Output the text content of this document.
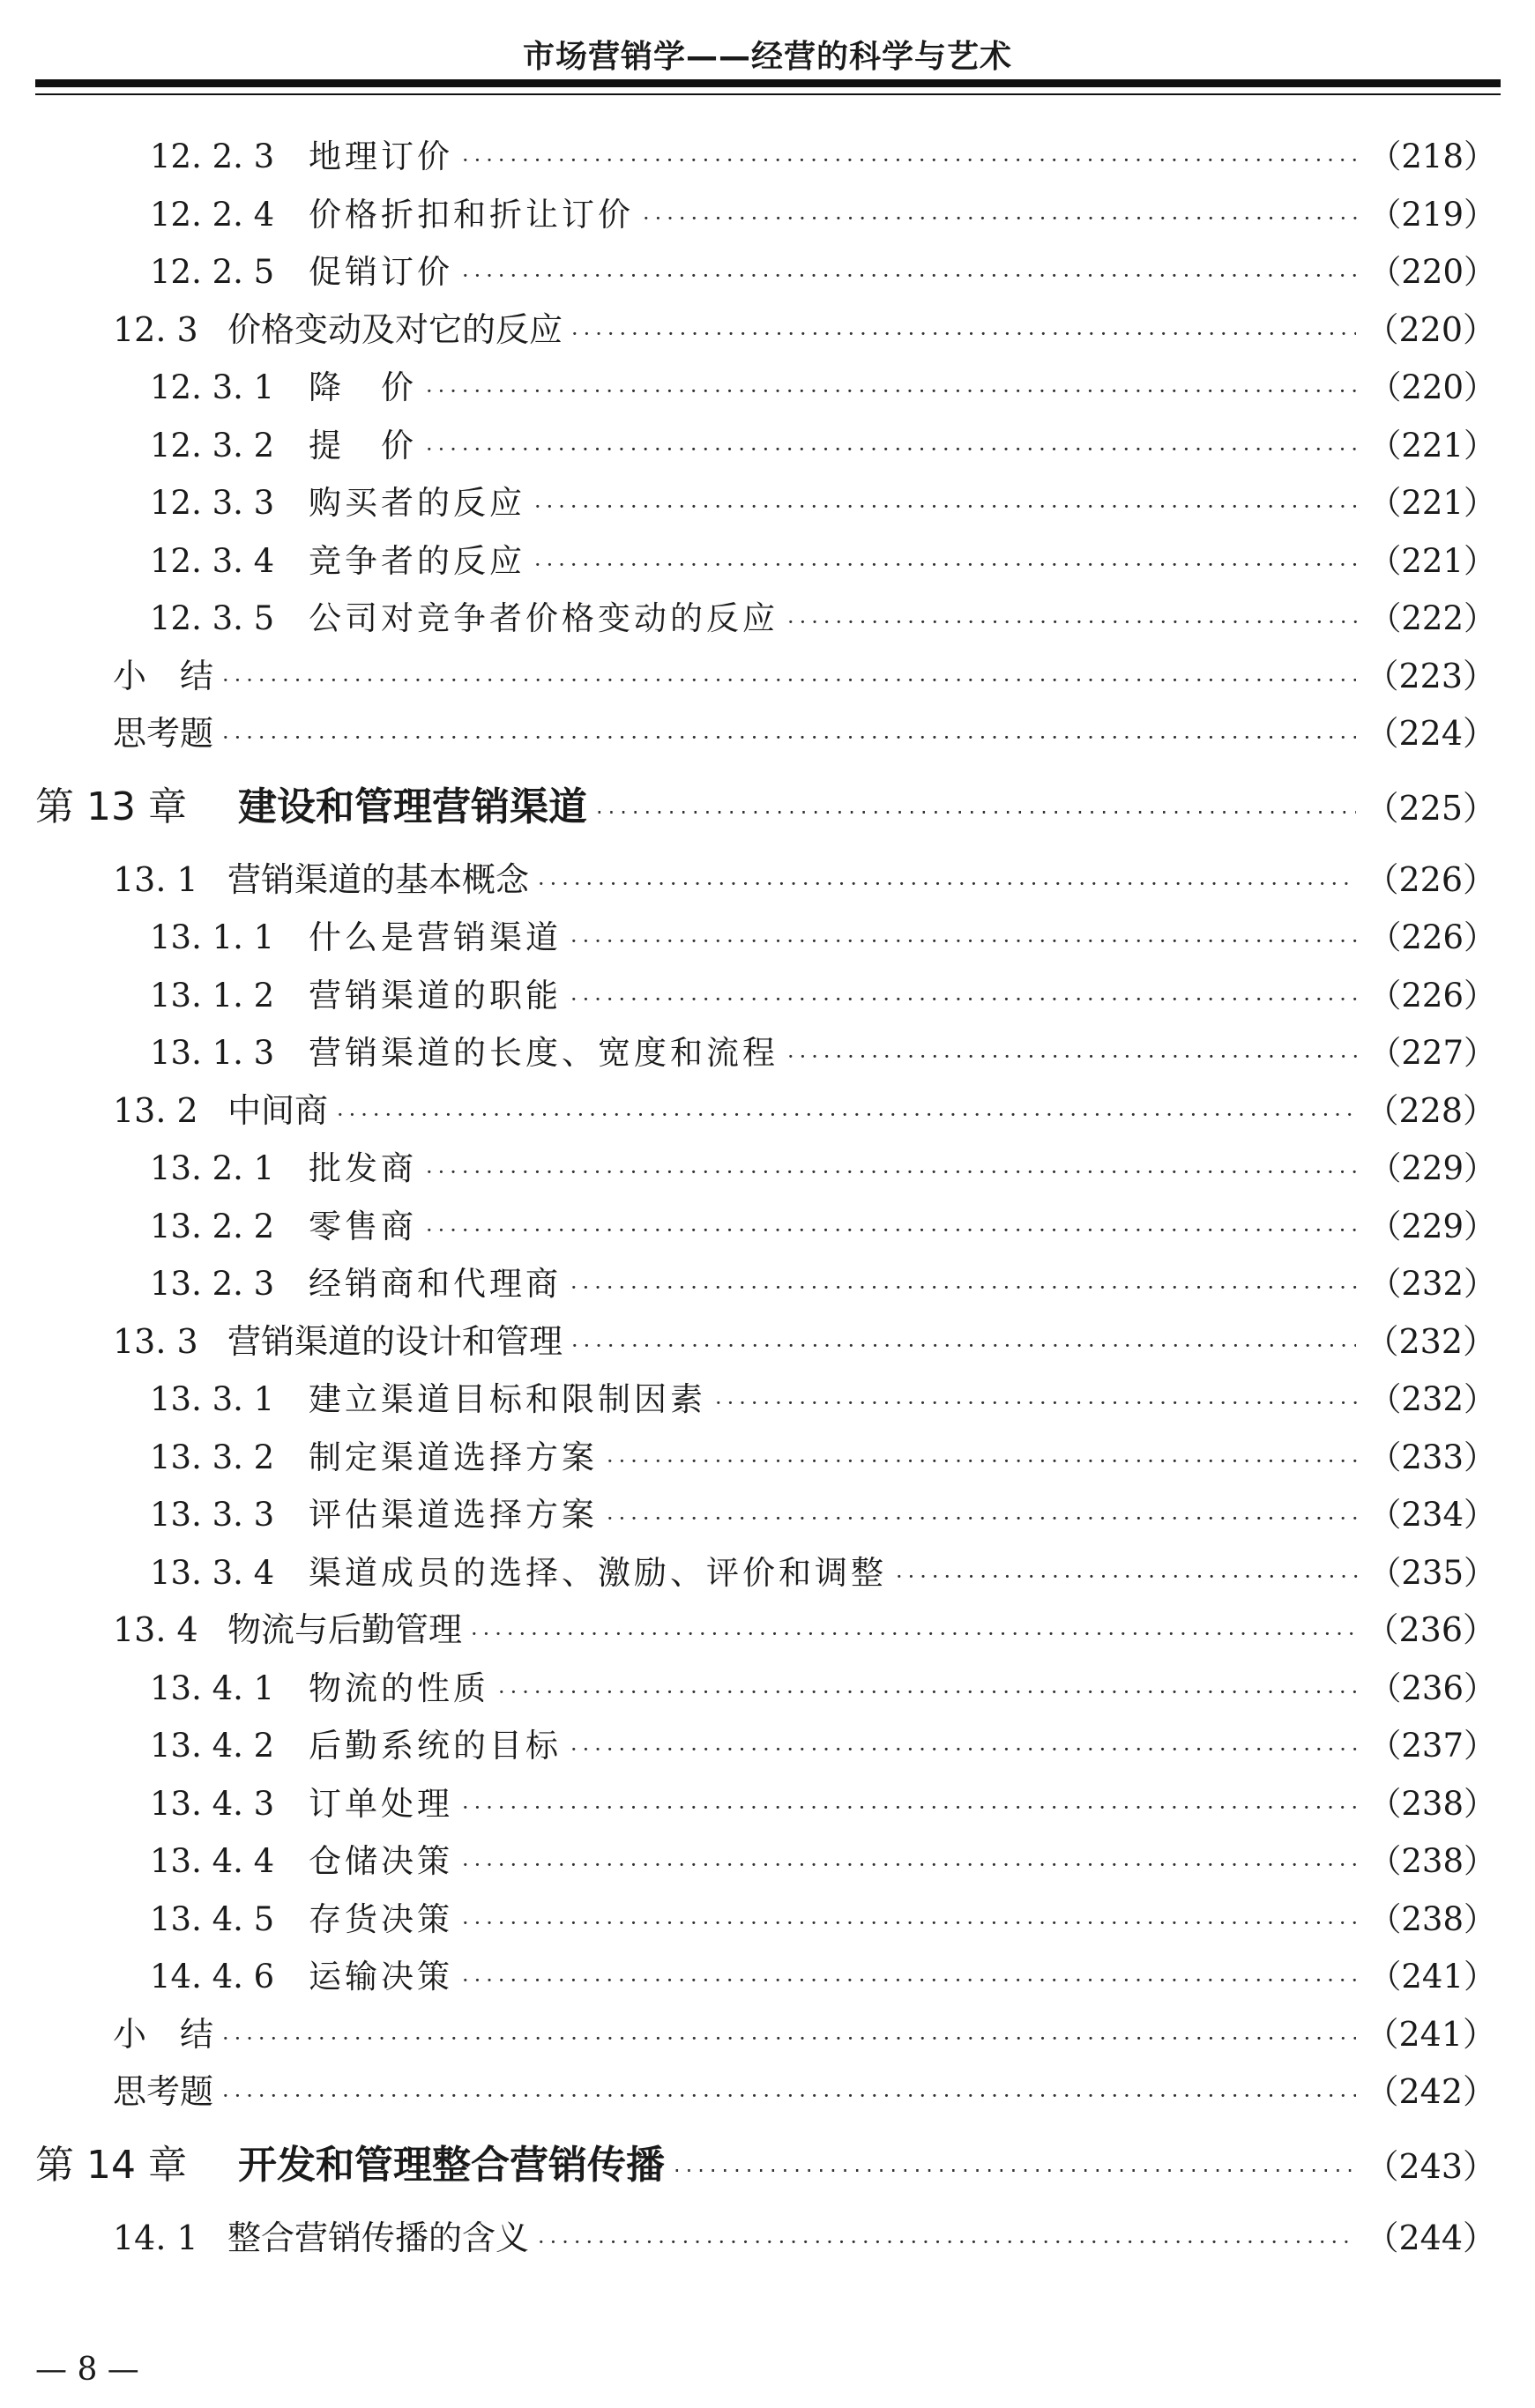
市场营销学——经营的科学与艺术
12. 2. 3	地理订价 ·····	（218）
12. 2. 4	价格折扣和折让订价 ·····	（219）
12. 2. 5	促销订价 ·····	（220）
12. 3 价格变动及对它的反应 ·····	（220）
12. 3. 1	降　价 ·····	（220）
12. 3. 2	提　价 ·····	（221）
12. 3. 3	购买者的反应 ·····	（221）
12. 3. 4	竞争者的反应 ·····	（221）
12. 3. 5	公司对竞争者价格变动的反应 ·····	（222）
小　结 ·····	（223）
思考题 ·····	（224）
第 13 章	建设和管理营销渠道 ·····	（225）
13. 1 营销渠道的基本概念 ·····	（226）
13. 1. 1	什么是营销渠道 ·····	（226）
13. 1. 2	营销渠道的职能 ·····	（226）
13. 1. 3	营销渠道的长度、宽度和流程 ·····	（227）
13. 2 中间商 ·····	（228）
13. 2. 1	批发商 ·····	（229）
13. 2. 2	零售商 ·····	（229）
13. 2. 3	经销商和代理商 ·····	（232）
13. 3 营销渠道的设计和管理 ·····	（232）
13. 3. 1	建立渠道目标和限制因素 ·····	（232）
13. 3. 2	制定渠道选择方案 ·····	（233）
13. 3. 3	评估渠道选择方案 ·····	（234）
13. 3. 4	渠道成员的选择、激励、评价和调整 ·····	（235）
13. 4 物流与后勤管理 ·····	（236）
13. 4. 1	物流的性质 ·····	（236）
13. 4. 2	后勤系统的目标 ·····	（237）
13. 4. 3	订单处理 ·····	（238）
13. 4. 4	仓储决策 ·····	（238）
13. 4. 5	存货决策 ·····	（238）
14. 4. 6	运输决策 ·····	（241）
小　结 ·····	（241）
思考题 ·····	（242）
第 14 章	开发和管理整合营销传播 ·····	（243）
14. 1 整合营销传播的含义 ·····	（244）
— 8 —
